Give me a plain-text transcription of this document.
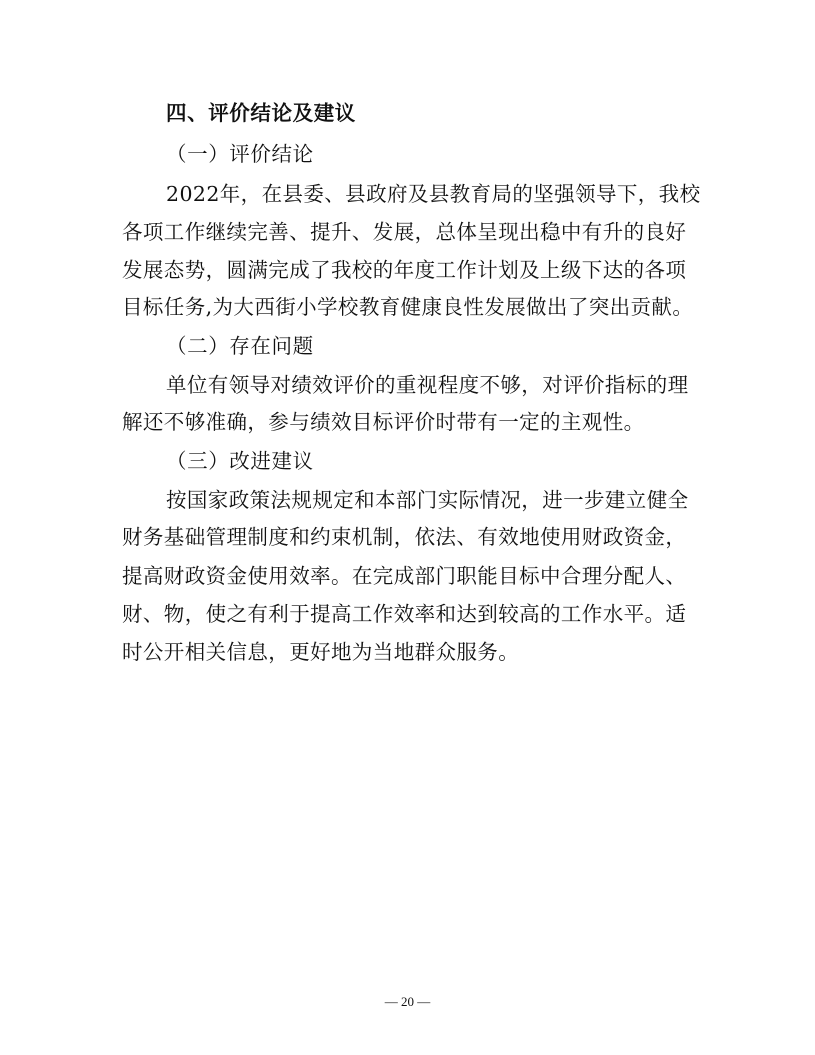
四、评价结论及建议
（一）评价结论
2022年，在县委、县政府及县教育局的坚强领导下，我校
各项工作继续完善、提升、发展，总体呈现出稳中有升的良好
发展态势，圆满完成了我校的年度工作计划及上级下达的各项
目标任务,为大西街小学校教育健康良性发展做出了突出贡献。
（二）存在问题
单位有领导对绩效评价的重视程度不够，对评价指标的理
解还不够准确，参与绩效目标评价时带有一定的主观性。
（三）改进建议
按国家政策法规规定和本部门实际情况，进一步建立健全
财务基础管理制度和约束机制，依法、有效地使用财政资金，
提高财政资金使用效率。在完成部门职能目标中合理分配人、
财、物，使之有利于提高工作效率和达到较高的工作水平。适
时公开相关信息，更好地为当地群众服务。
— 20 —
